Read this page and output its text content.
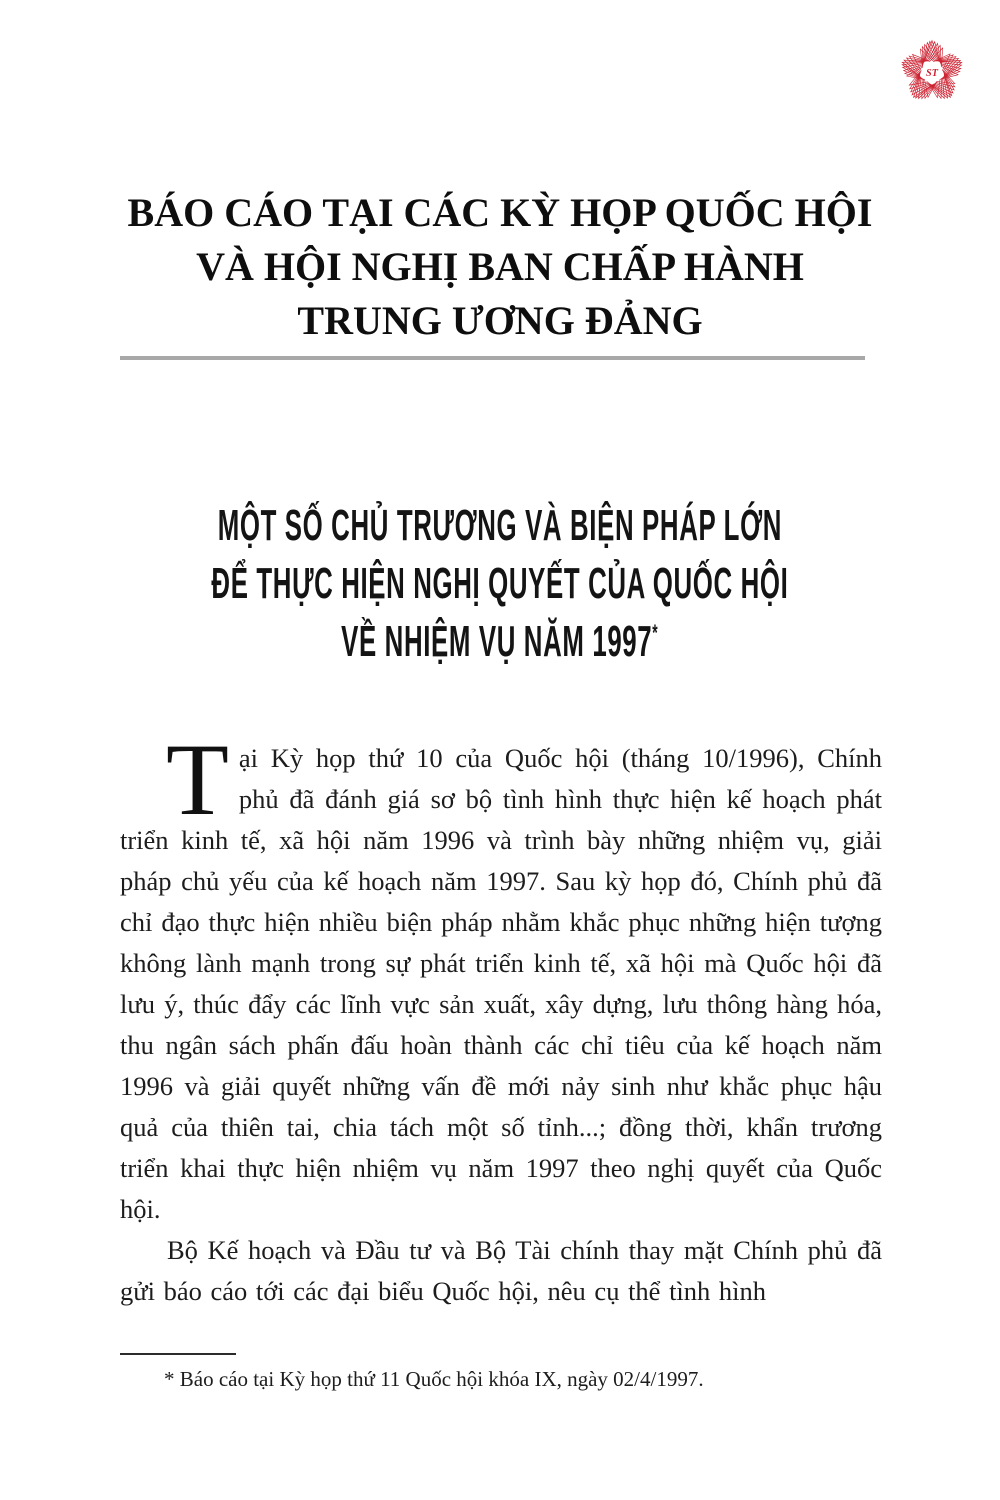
ST
BÁO CÁO TẠI CÁC KỲ HỌP QUỐC HỘI
VÀ HỘI NGHỊ BAN CHẤP HÀNH
TRUNG ƯƠNG ĐẢNG
MỘT SỐ CHỦ TRƯƠNG VÀ BIỆN PHÁP LỚN
ĐỂ THỰC HIỆN NGHỊ QUYẾT CỦA QUỐC HỘI
VỀ NHIỆM VỤ NĂM 1997*

Tại Kỳ họp thứ 10 của Quốc hội (tháng 10/1996), Chính phủ đã đánh giá sơ bộ tình hình thực hiện kế hoạch phát triển kinh tế, xã hội năm 1996 và trình bày những nhiệm vụ, giải pháp chủ yếu của kế hoạch năm 1997. Sau kỳ họp đó, Chính phủ đã chỉ đạo thực hiện nhiều biện pháp nhằm khắc phục những hiện tượng không lành mạnh trong sự phát triển kinh tế, xã hội mà Quốc hội đã lưu ý, thúc đẩy các lĩnh vực sản xuất, xây dựng, lưu thông hàng hóa, thu ngân sách phấn đấu hoàn thành các chỉ tiêu của kế hoạch năm 1996 và giải quyết những vấn đề mới nảy sinh như khắc phục hậu quả của thiên tai, chia tách một số tỉnh...; đồng thời, khẩn trương triển khai thực hiện nhiệm vụ năm 1997 theo nghị quyết của Quốc hội.

Bộ Kế hoạch và Đầu tư và Bộ Tài chính thay mặt Chính phủ đã gửi báo cáo tới các đại biểu Quốc hội, nêu cụ thể tình hình

* Báo cáo tại Kỳ họp thứ 11 Quốc hội khóa IX, ngày 02/4/1997.
